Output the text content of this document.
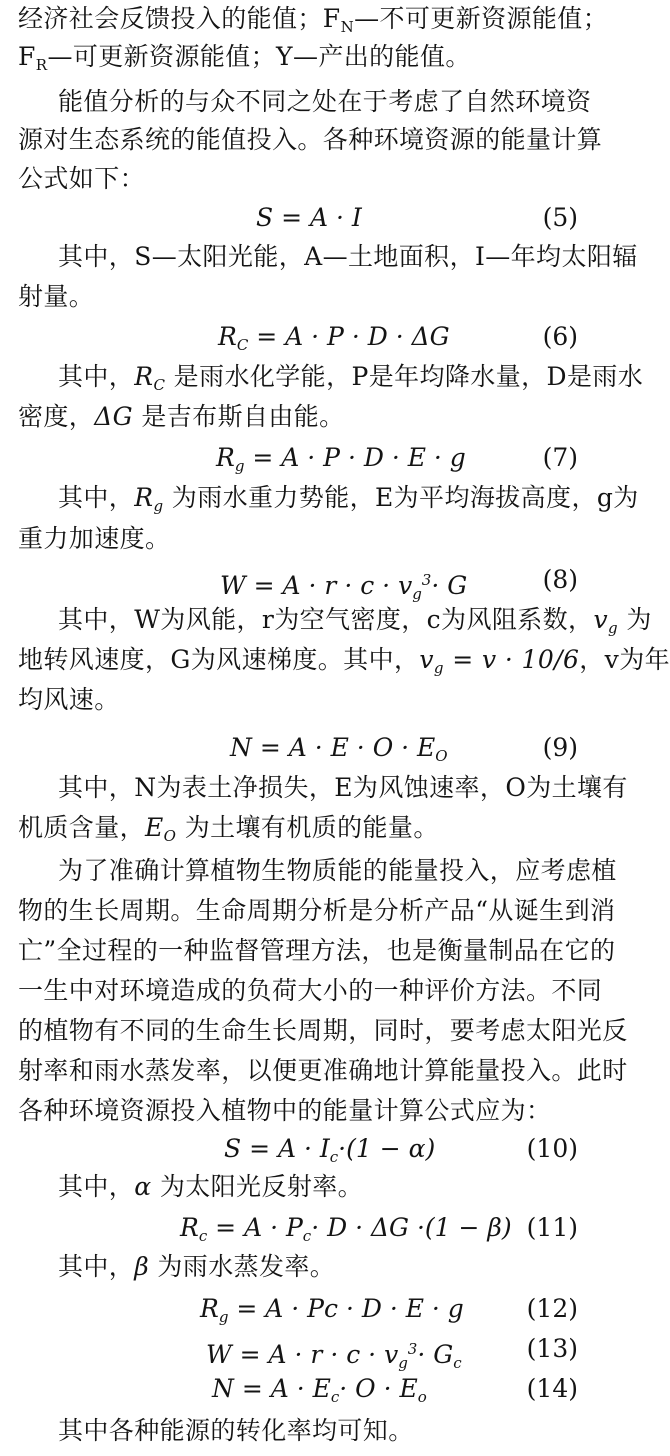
经济社会反馈投入的能值；$F_N—$不可更新资源能值；
$F_R—$可更新资源能值；Y—产出的能值。
能值分析的与众不同之处在于考虑了自然环境资
源对生态系统的能值投入。各种环境资源的能量计算
公式如下：
S = A · I	(5)
其中，S—太阳光能，A—土地面积，I—年均太阳辐
射量。
$R_C = A \cdot P \cdot D \cdot \Delta G$	(6)
其中，$R_C$ 是雨水化学能，P是年均降水量，D是雨水
密度，ΔG 是吉布斯自由能。
$R_g = A \cdot P \cdot D \cdot E \cdot g$	(7)
其中，$R_g$ 为雨水重力势能，E为平均海拔高度，g为
重力加速度。
$W = A \cdot r \cdot c \cdot v_g^3\cdot G$	(8)
其中，W为风能，r为空气密度，c为风阻系数，$v_g$ 为
地转风速度，G为风速梯度。其中，$v_g = v \cdot 10/6$，v为年
均风速。
$N = A \cdot E \cdot O \cdot E_O$	(9)
其中，N为表土净损失，E为风蚀速率，O为土壤有
机质含量，$E_O$ 为土壤有机质的能量。
为了准确计算植物生物质能的能量投入，应考虑植
物的生长周期。生命周期分析是分析产品“从诞生到消
亡”全过程的一种监督管理方法，也是衡量制品在它的
一生中对环境造成的负荷大小的一种评价方法。不同
的植物有不同的生命生长周期，同时，要考虑太阳光反
射率和雨水蒸发率，以便更准确地计算能量投入。此时
各种环境资源投入植物中的能量计算公式应为：
$S = A \cdot I_c\cdot(1 - \alpha)$	(10)
其中，α 为太阳光反射率。
$R_c = A \cdot P_c\cdot D \cdot \Delta G \cdot(1 - \beta)$ (11)
其中，β 为雨水蒸发率。
$R_g = A \cdot Pc \cdot D \cdot E \cdot g$	(12)
$W = A \cdot r \cdot c \cdot v_g^3\cdot G_c$	(13)
$N = A \cdot E_c\cdot O \cdot E_o$	(14)
其中各种能源的转化率均可知。
